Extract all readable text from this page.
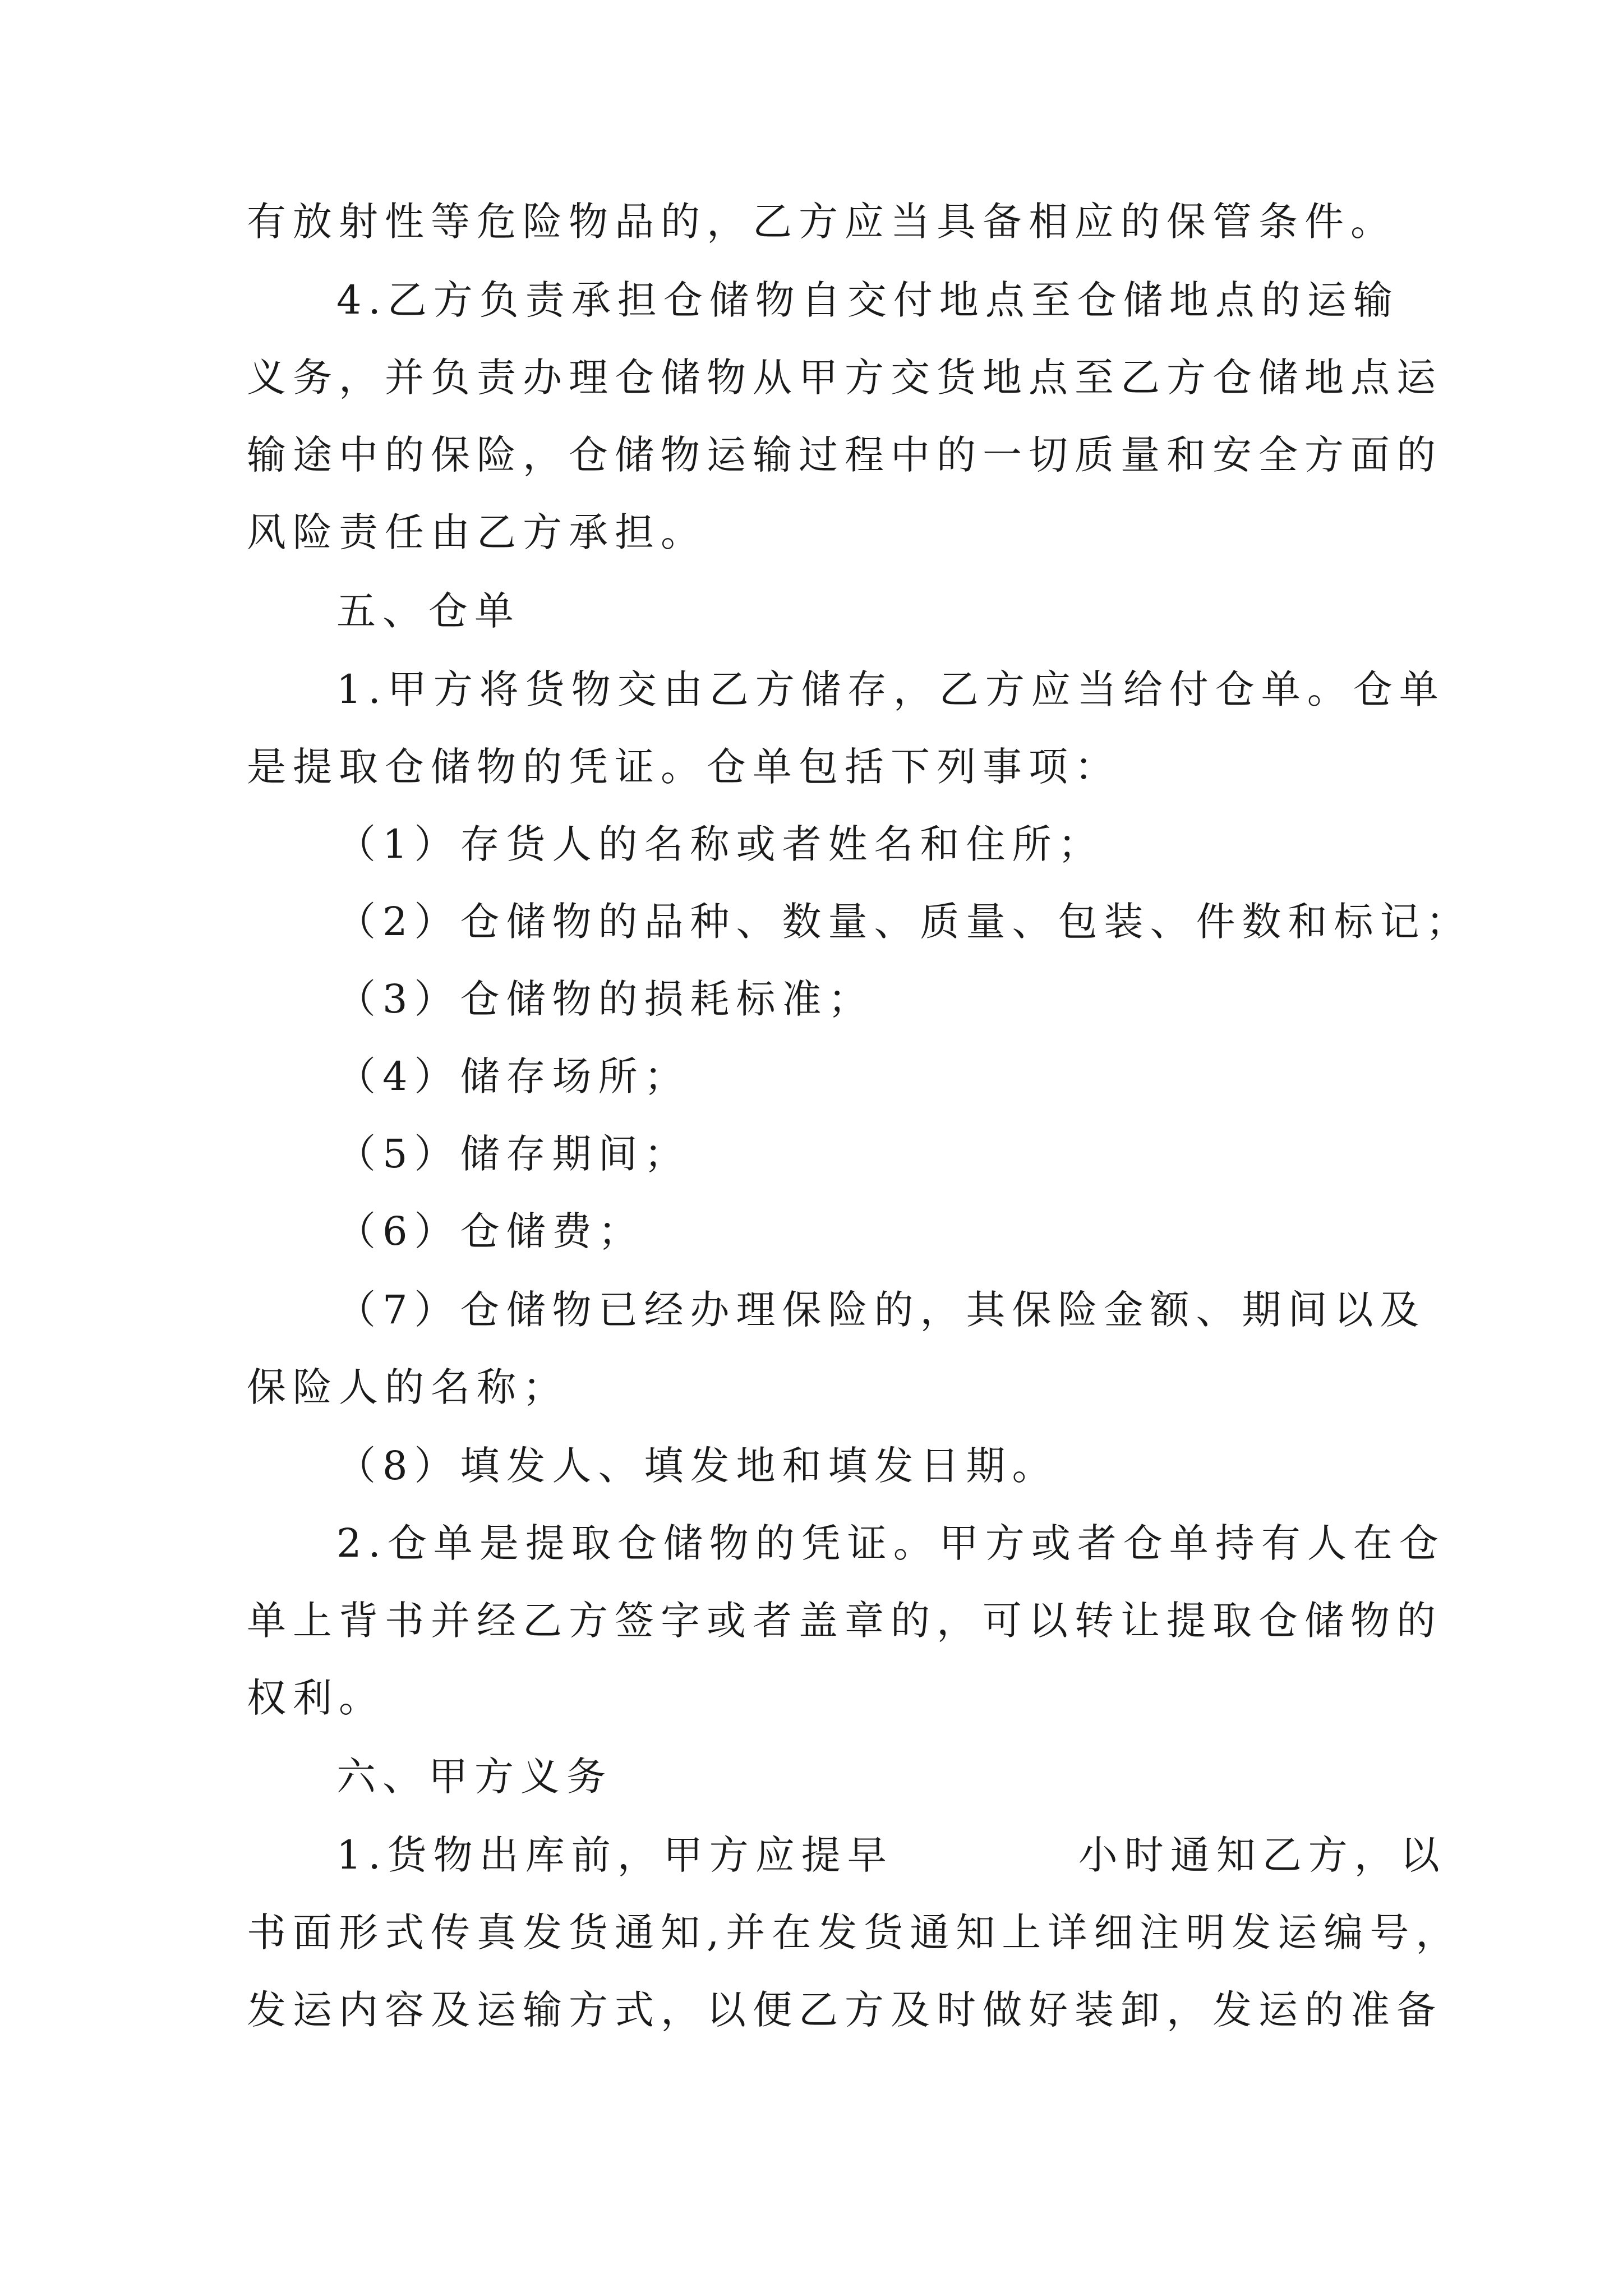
有放射性等危险物品的，乙方应当具备相应的保管条件。
4.乙方负责承担仓储物自交付地点至仓储地点的运输
义务，并负责办理仓储物从甲方交货地点至乙方仓储地点运
输途中的保险，仓储物运输过程中的一切质量和安全方面的
风险责任由乙方承担。
五、仓单
1.甲方将货物交由乙方储存，乙方应当给付仓单。仓单
是提取仓储物的凭证。仓单包括下列事项：
（1）存货人的名称或者姓名和住所；
（2）仓储物的品种、数量、质量、包装、件数和标记；
（3）仓储物的损耗标准；
（4）储存场所；
（5）储存期间；
（6）仓储费；
（7）仓储物已经办理保险的，其保险金额、期间以及
保险人的名称；
（8）填发人、填发地和填发日期。
2.仓单是提取仓储物的凭证。甲方或者仓单持有人在仓
单上背书并经乙方签字或者盖章的，可以转让提取仓储物的
权利。
六、甲方义务
1.货物出库前，甲方应提早	小时通知乙方，以
书面形式传真发货通知,并在发货通知上详细注明发运编号，
发运内容及运输方式，以便乙方及时做好装卸，发运的准备
